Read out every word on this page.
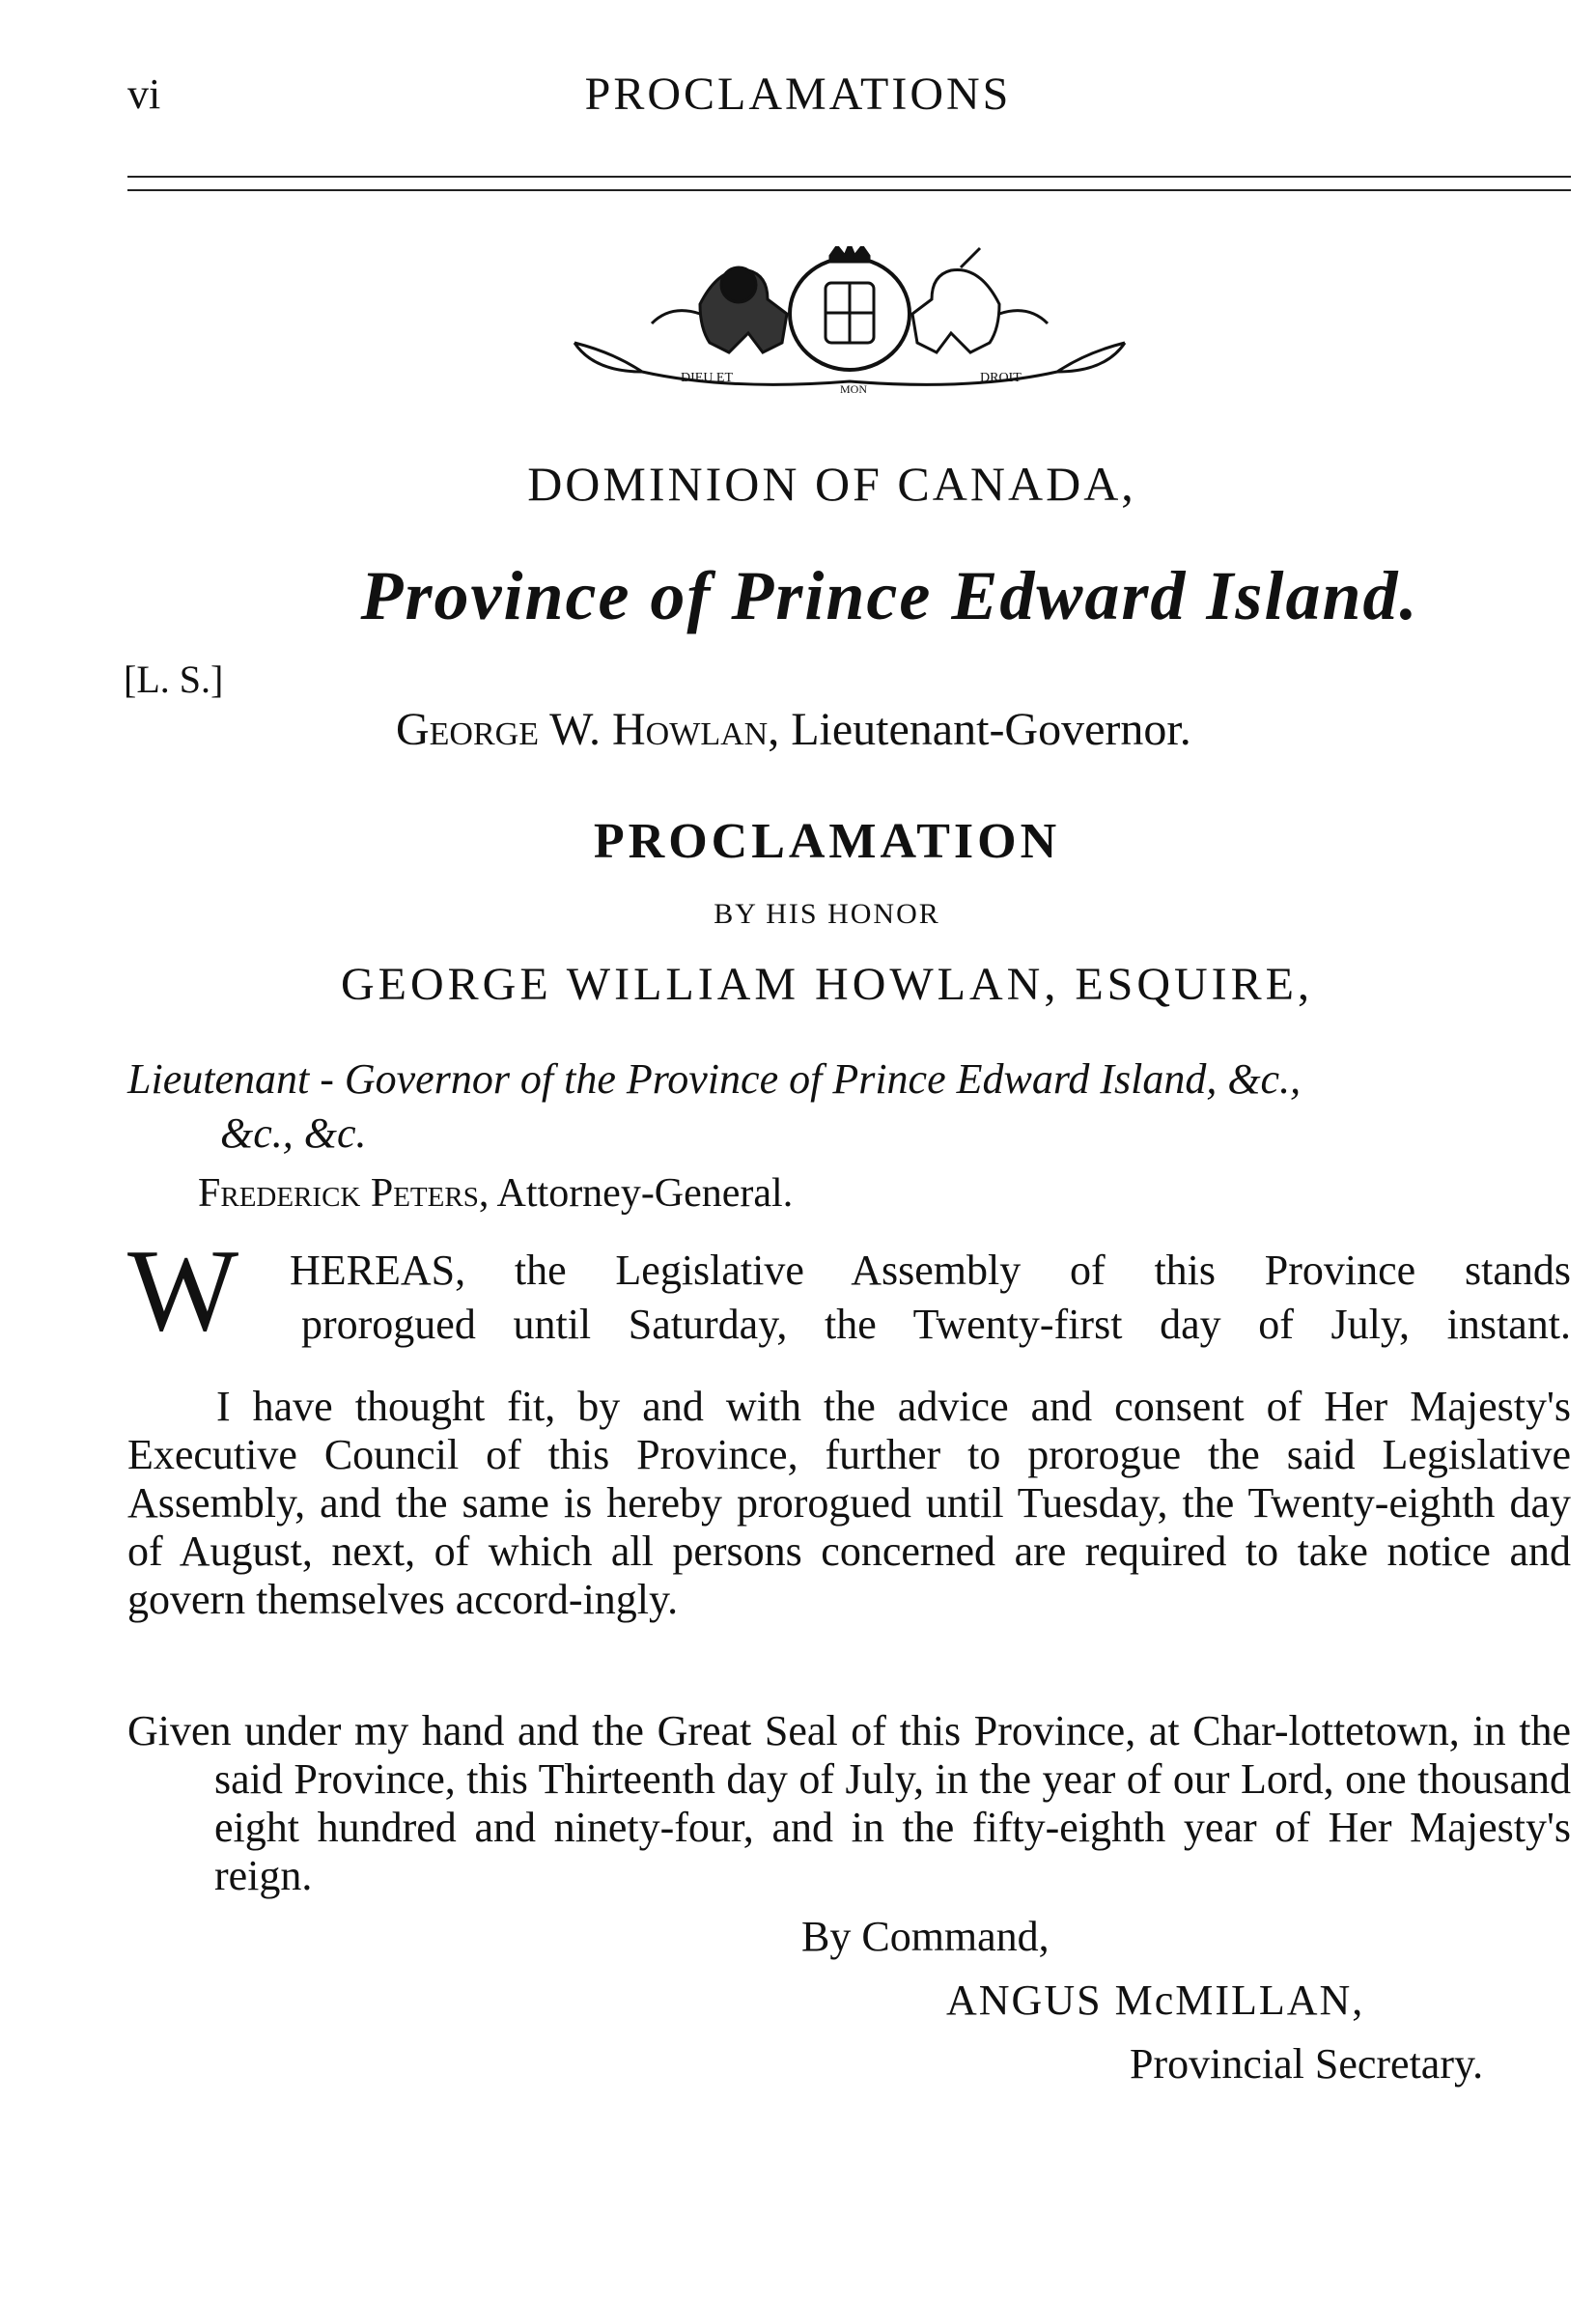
vi	PROCLAMATIONS
DIEU ET
MON
DROIT
DOMINION OF CANADA,
Province of Prince Edward Island.
[L. S.]
George W. Howlan, Lieutenant-Governor.
PROCLAMATION
BY HIS HONOR
GEORGE WILLIAM HOWLAN, ESQUIRE,
Lieutenant - Governor of the Province of Prince Edward Island, &c.,
&c., &c.
Frederick Peters, Attorney-General.
W HEREAS, the Legislative Assembly of this Province stands
prorogued until Saturday, the Twenty-first day of July, instant.
I have thought fit, by and with the advice and consent of Her Majesty's Executive Council of this Province, further to prorogue the said Legislative Assembly, and the same is hereby prorogued until Tuesday, the Twenty-eighth day of August, next, of which all persons concerned are required to take notice and govern themselves accord-ingly.
Given under my hand and the Great Seal of this Province, at Char-lottetown, in the said Province, this Thirteenth day of July, in the year of our Lord, one thousand eight hundred and ninety-four, and in the fifty-eighth year of Her Majesty's reign.
By Command,
ANGUS McMILLAN,
Provincial Secretary.
